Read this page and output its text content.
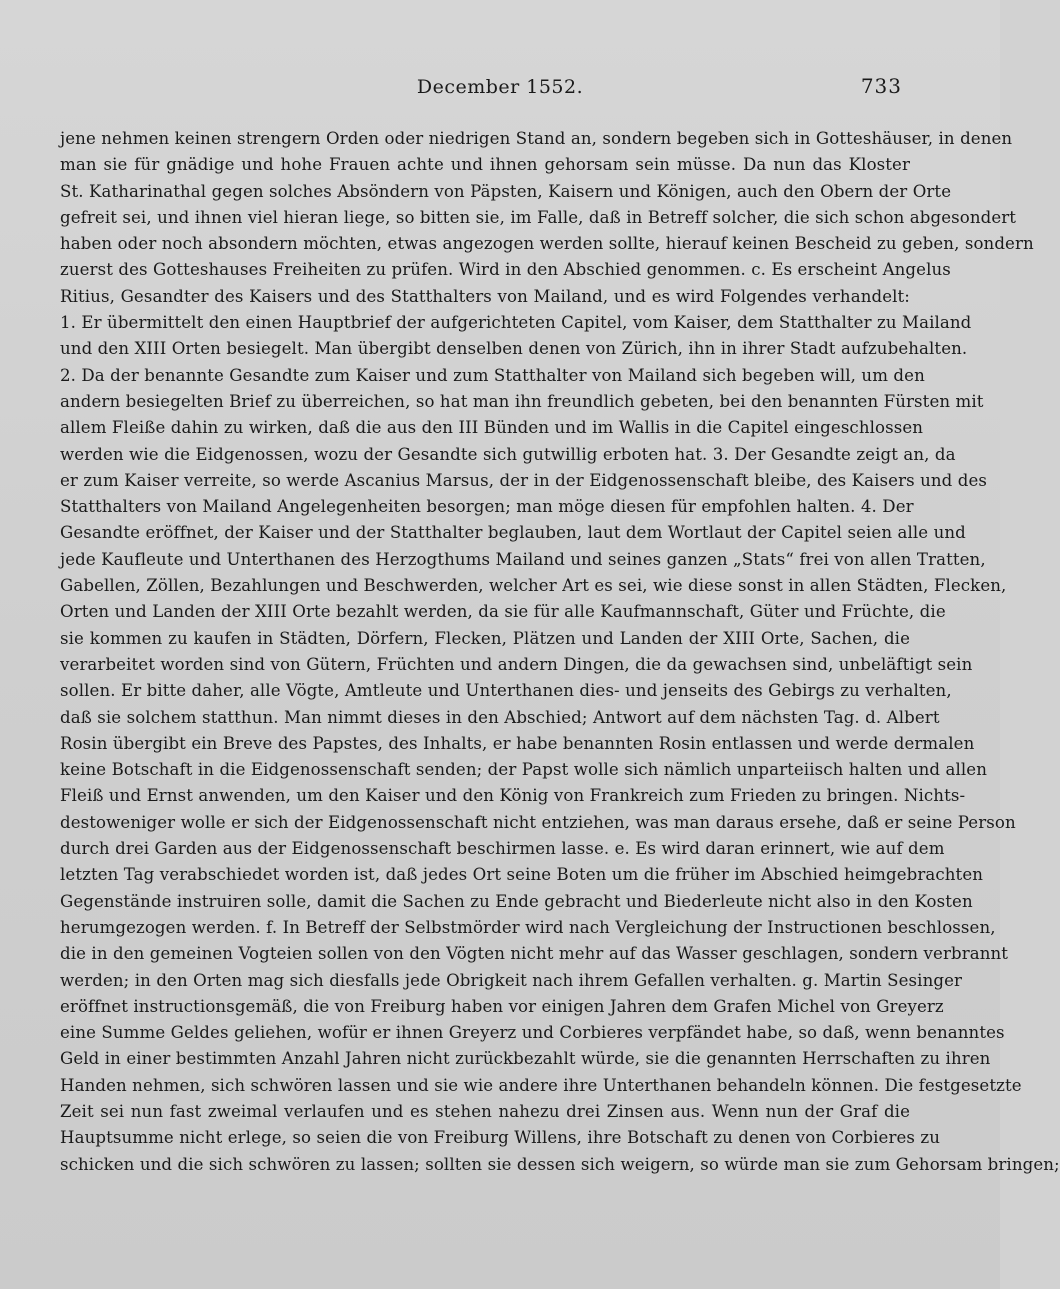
December 1552.	733
jene nehmen keinen strengern Orden oder niedrigen Stand an, sondern begeben sich in Gotteshäuser, in denen
man sie für gnädige und hohe Frauen achte und ihnen gehorsam sein müsse. Da nun das Kloster
St. Katharinathal gegen solches Absöndern von Päpsten, Kaisern und Königen, auch den Obern der Orte
gefreit sei, und ihnen viel hieran liege, so bitten sie, im Falle, daß in Betreff solcher, die sich schon abgesondert
haben oder noch absondern möchten, etwas angezogen werden sollte, hierauf keinen Bescheid zu geben, sondern
zuerst des Gotteshauses Freiheiten zu prüfen. Wird in den Abschied genommen. c. Es erscheint Angelus
Ritius, Gesandter des Kaisers und des Statthalters von Mailand, und es wird Folgendes verhandelt:
1. Er übermittelt den einen Hauptbrief der aufgerichteten Capitel, vom Kaiser, dem Statthalter zu Mailand
und den XIII Orten besiegelt. Man übergibt denselben denen von Zürich, ihn in ihrer Stadt aufzubehalten.
2. Da der benannte Gesandte zum Kaiser und zum Statthalter von Mailand sich begeben will, um den
andern besiegelten Brief zu überreichen, so hat man ihn freundlich gebeten, bei den benannten Fürsten mit
allem Fleiße dahin zu wirken, daß die aus den III Bünden und im Wallis in die Capitel eingeschlossen
werden wie die Eidgenossen, wozu der Gesandte sich gutwillig erboten hat. 3. Der Gesandte zeigt an, da
er zum Kaiser verreite, so werde Ascanius Marsus, der in der Eidgenossenschaft bleibe, des Kaisers und des
Statthalters von Mailand Angelegenheiten besorgen; man möge diesen für empfohlen halten. 4. Der
Gesandte eröffnet, der Kaiser und der Statthalter beglauben, laut dem Wortlaut der Capitel seien alle und
jede Kaufleute und Unterthanen des Herzogthums Mailand und seines ganzen „Stats“ frei von allen Tratten,
Gabellen, Zöllen, Bezahlungen und Beschwerden, welcher Art es sei, wie diese sonst in allen Städten, Flecken,
Orten und Landen der XIII Orte bezahlt werden, da sie für alle Kaufmannschaft, Güter und Früchte, die
sie kommen zu kaufen in Städten, Dörfern, Flecken, Plätzen und Landen der XIII Orte, Sachen, die
verarbeitet worden sind von Gütern, Früchten und andern Dingen, die da gewachsen sind, unbeläftigt sein
sollen. Er bitte daher, alle Vögte, Amtleute und Unterthanen dies- und jenseits des Gebirgs zu verhalten,
daß sie solchem statthun. Man nimmt dieses in den Abschied; Antwort auf dem nächsten Tag. d. Albert
Rosin übergibt ein Breve des Papstes, des Inhalts, er habe benannten Rosin entlassen und werde dermalen
keine Botschaft in die Eidgenossenschaft senden; der Papst wolle sich nämlich unparteiisch halten und allen
Fleiß und Ernst anwenden, um den Kaiser und den König von Frankreich zum Frieden zu bringen. Nichts-
destoweniger wolle er sich der Eidgenossenschaft nicht entziehen, was man daraus ersehe, daß er seine Person
durch drei Garden aus der Eidgenossenschaft beschirmen lasse. e. Es wird daran erinnert, wie auf dem
letzten Tag verabschiedet worden ist, daß jedes Ort seine Boten um die früher im Abschied heimgebrachten
Gegenstände instruiren solle, damit die Sachen zu Ende gebracht und Biederleute nicht also in den Kosten
herumgezogen werden. f. In Betreff der Selbstmörder wird nach Vergleichung der Instructionen beschlossen,
die in den gemeinen Vogteien sollen von den Vögten nicht mehr auf das Wasser geschlagen, sondern verbrannt
werden; in den Orten mag sich diesfalls jede Obrigkeit nach ihrem Gefallen verhalten. g. Martin Sesinger
eröffnet instructionsgemäß, die von Freiburg haben vor einigen Jahren dem Grafen Michel von Greyerz
eine Summe Geldes geliehen, wofür er ihnen Greyerz und Corbieres verpfändet habe, so daß, wenn benanntes
Geld in einer bestimmten Anzahl Jahren nicht zurückbezahlt würde, sie die genannten Herrschaften zu ihren
Handen nehmen, sich schwören lassen und sie wie andere ihre Unterthanen behandeln können. Die festgesetzte
Zeit sei nun fast zweimal verlaufen und es stehen nahezu drei Zinsen aus. Wenn nun der Graf die
Hauptsumme nicht erlege, so seien die von Freiburg Willens, ihre Botschaft zu denen von Corbieres zu
schicken und die sich schwören zu lassen; sollten sie dessen sich weigern, so würde man sie zum Gehorsam bringen;
